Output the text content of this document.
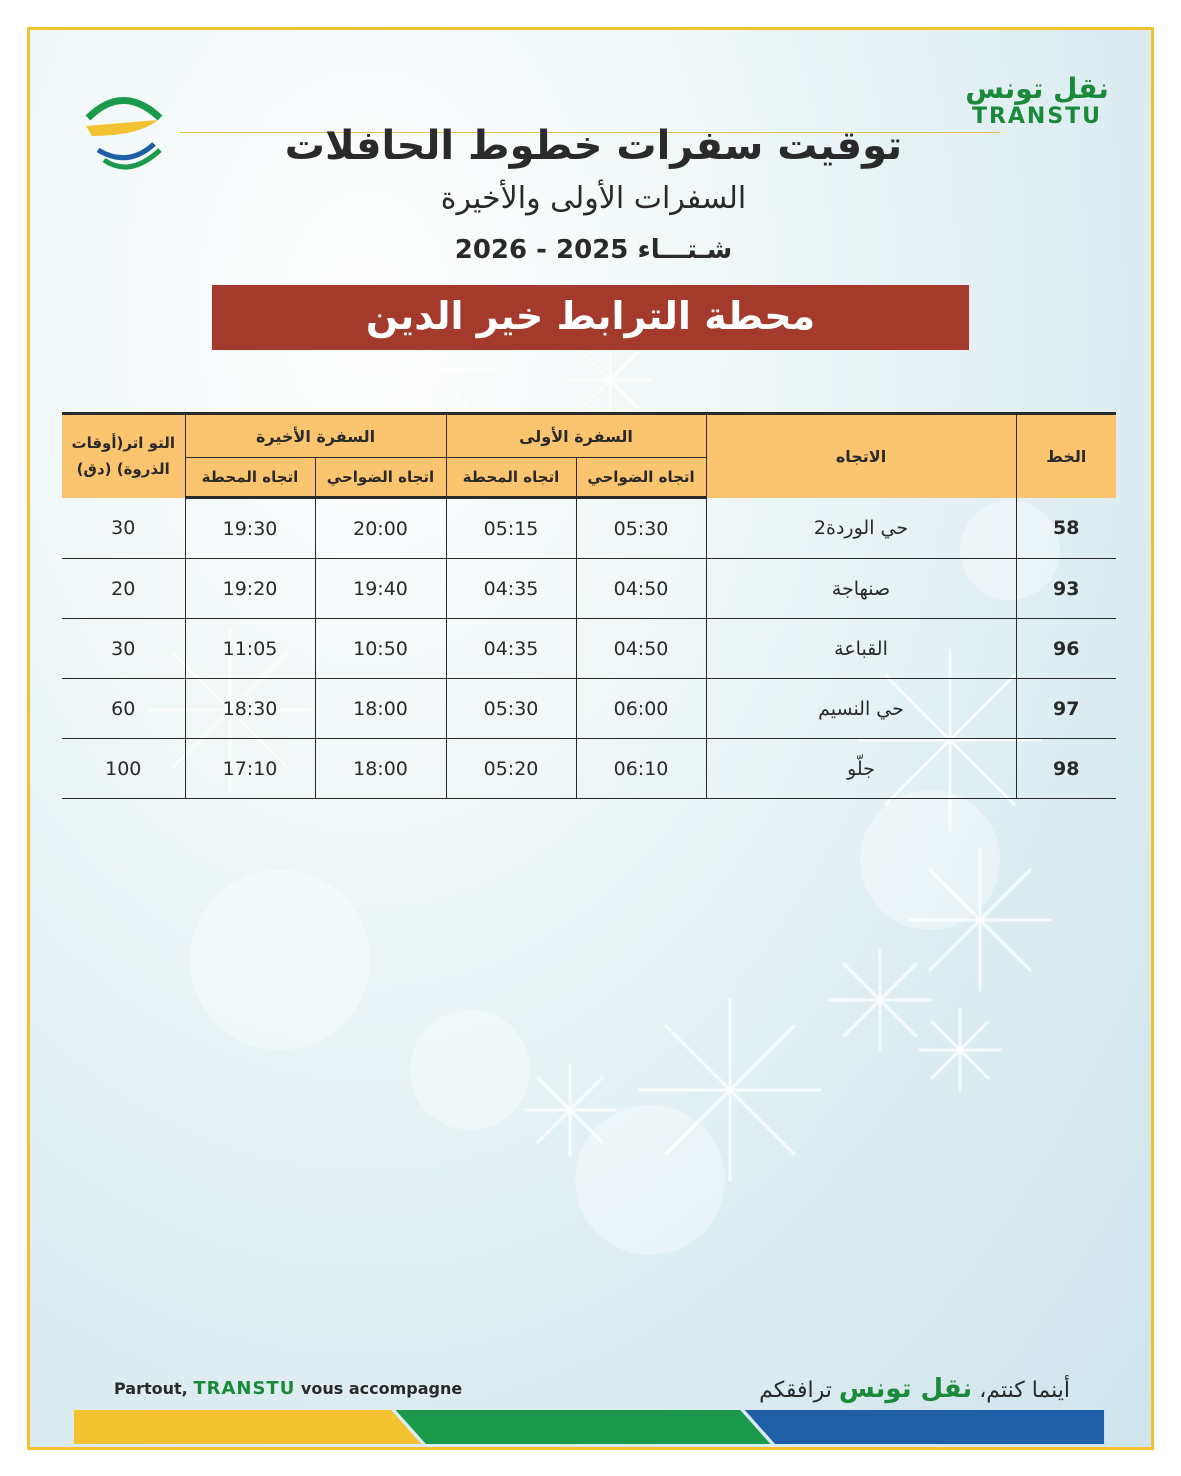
نقل تونس
TRANSTU
توقيت سفرات خطوط الحافلات
السفرات الأولى والأخيرة
شـتـــاء 2025 - 2026
محطة الترابط خير الدين
الخط	الاتجاه	السفرة الأولى		السفرة الأخيرة		التو اتر(أوقات الذروة) (دق)
		اتجاه الضواحي	اتجاه المحطة	اتجاه الضواحي	اتجاه المحطة	
58	حي الوردة2	05:30	05:15	20:00	19:30	30
93	صنهاجة	04:50	04:35	19:40	19:20	20
96	القباعة	04:50	04:35	10:50	11:05	30
97	حي النسيم	06:00	05:30	18:00	18:30	60
98	جلّو	06:10	05:20	18:00	17:10	100
Partout, TRANSTU vous accompagne	أينما كنتم، نقل تونس ترافقكم
